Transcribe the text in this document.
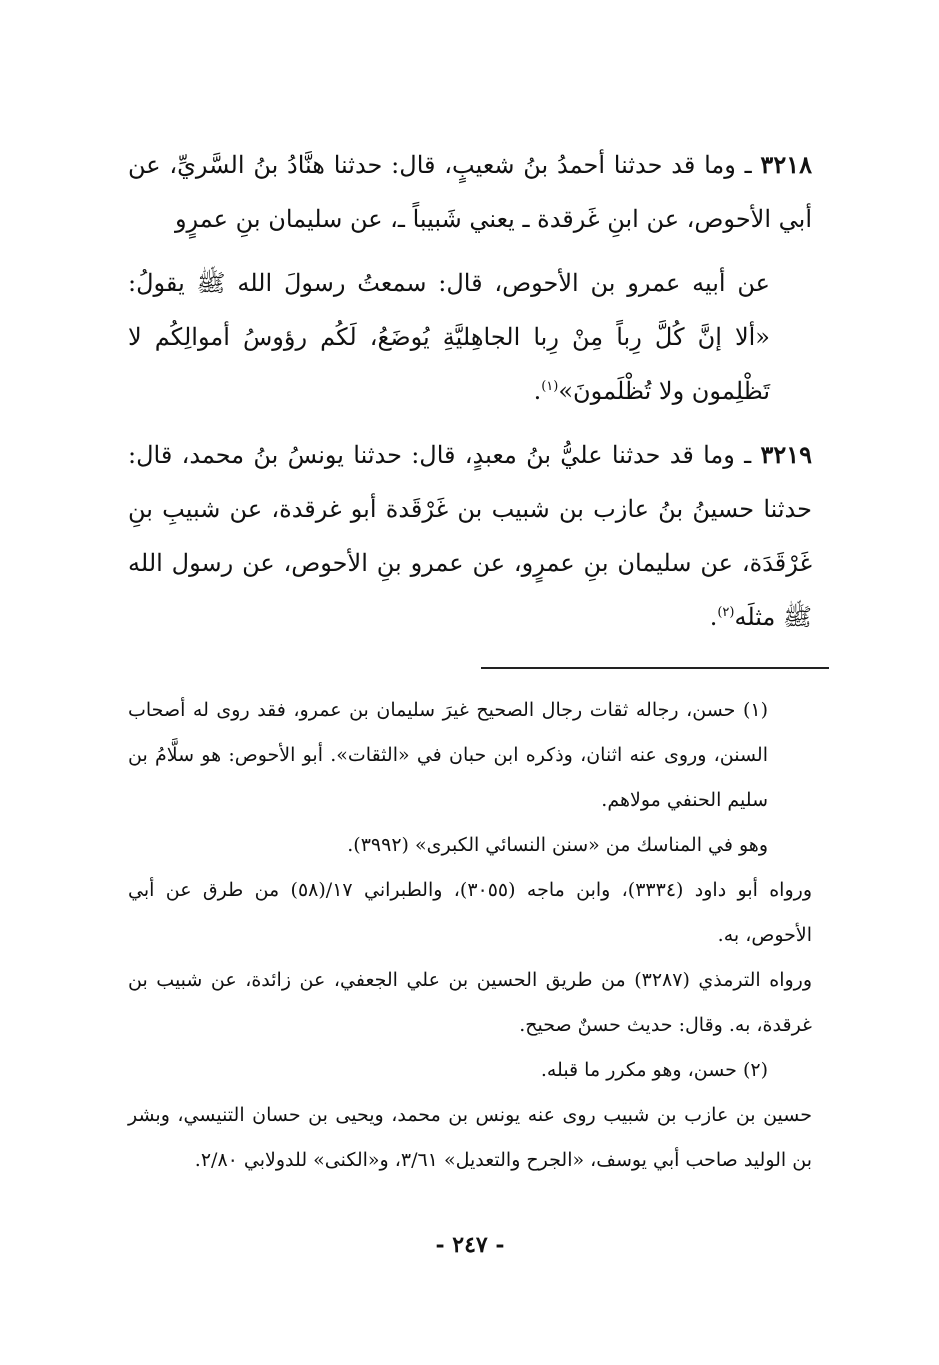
٣٢١٨ ـ وما قد حدثنا أحمدُ بنُ شعيبٍ، قال: حدثنا هنَّادُ بنُ السَّريِّ، عن أبي الأحوص، عن ابنِ غَرقدة ـ يعني شَبيباً ـ، عن سليمان بنِ عمرٍو

عن أبيه عمرو بن الأحوص، قال: سمعتُ رسولَ الله ﷺ يقولُ: «ألا إنَّ كُلَّ رِباً مِنْ رِبا الجاهِليَّةِ يُوضَعُ، لَكُم رؤوسُ أموالِكُم لا تَظْلِمون ولا تُظْلَمونَ»$^{(١)}$.

٣٢١٩ ـ وما قد حدثنا عليُّ بنُ معبدٍ، قال: حدثنا يونسُ بنُ محمد، قال: حدثنا حسينُ بنُ عازب بن شبيب بن غَرْقَدة أبو غرقدة، عن شبيبِ بنِ غَرْقَدَة، عن سليمان بنِ عمرٍو، عن عمرو بنِ الأحوص، عن رسول الله ﷺ مثلَه$^{(٢)}$.

(١) حسن، رجاله ثقات رجال الصحيح غيرَ سليمان بن عمرو، فقد روى له أصحاب السنن، وروى عنه اثنان، وذكره ابن حبان في «الثقات». أبو الأحوص: هو سلَّامُ بن سليم الحنفي مولاهم.

وهو في المناسك من «سنن النسائي الكبرى» (٣٩٩٢).

ورواه أبو داود (٣٣٣٤)، وابن ماجه (٣٠٥٥)، والطبراني ١٧/(٥٨) من طرق عن أبي الأحوص، به.

ورواه الترمذي (٣٢٨٧) من طريق الحسين بن علي الجعفي، عن زائدة، عن شبيب بن غرقدة، به. وقال: حديث حسنٌ صحيح.

(٢) حسن، وهو مكرر ما قبله.

حسين بن عازب بن شبيب روى عنه يونس بن محمد، ويحيى بن حسان التنيسي، وبشر بن الوليد صاحب أبي يوسف، «الجرح والتعديل» ٣/٦١، و«الكنى» للدولابي ٢/٨٠.

- ٢٤٧ -
